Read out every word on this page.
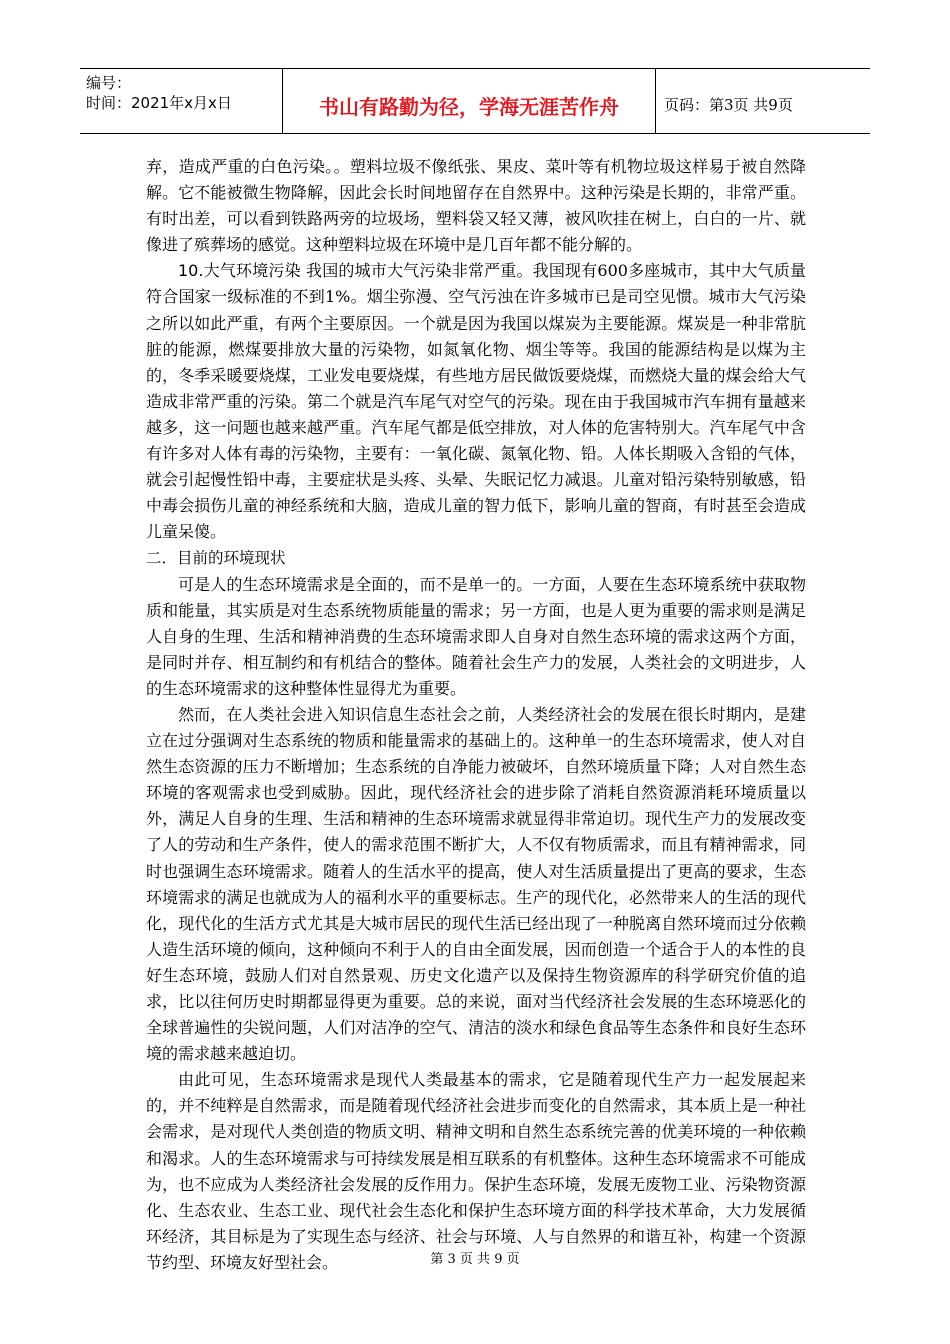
编号：
时间：2021年x月x日	书山有路勤为径，学海无涯苦作舟	页码：第3页 共9页

弃，造成严重的白色污染。。塑料垃圾不像纸张、果皮、菜叶等有机物垃圾这样易于被自然降解。它不能被微生物降解，因此会长时间地留存在自然界中。这种污染是长期的，非常严重。有时出差，可以看到铁路两旁的垃圾场，塑料袋又轻又薄，被风吹挂在树上，白白的一片、就像进了殡葬场的感觉。这种塑料垃圾在环境中是几百年都不能分解的。

10.大气环境污染 我国的城市大气污染非常严重。我国现有600多座城市，其中大气质量符合国家一级标准的不到1%。烟尘弥漫、空气污浊在许多城市已是司空见惯。城市大气污染之所以如此严重，有两个主要原因。一个就是因为我国以煤炭为主要能源。煤炭是一种非常肮脏的能源，燃煤要排放大量的污染物，如氮氧化物、烟尘等等。我国的能源结构是以煤为主的，冬季采暖要烧煤，工业发电要烧煤，有些地方居民做饭要烧煤，而燃烧大量的煤会给大气造成非常严重的污染。第二个就是汽车尾气对空气的污染。现在由于我国城市汽车拥有量越来越多，这一问题也越来越严重。汽车尾气都是低空排放，对人体的危害特别大。汽车尾气中含有许多对人体有毒的污染物，主要有：一氧化碳、氮氧化物、铅。人体长期吸入含铅的气体，就会引起慢性铅中毒，主要症状是头疼、头晕、失眠记忆力减退。儿童对铅污染特别敏感，铅中毒会损伤儿童的神经系统和大脑，造成儿童的智力低下，影响儿童的智商，有时甚至会造成儿童呆傻。

二．目前的环境现状

可是人的生态环境需求是全面的，而不是单一的。一方面，人要在生态环境系统中获取物质和能量，其实质是对生态系统物质能量的需求；另一方面，也是人更为重要的需求则是满足人自身的生理、生活和精神消费的生态环境需求即人自身对自然生态环境的需求这两个方面，是同时并存、相互制约和有机结合的整体。随着社会生产力的发展，人类社会的文明进步，人的生态环境需求的这种整体性显得尤为重要。

然而，在人类社会进入知识信息生态社会之前，人类经济社会的发展在很长时期内，是建立在过分强调对生态系统的物质和能量需求的基础上的。这种单一的生态环境需求，使人对自然生态资源的压力不断增加；生态系统的自净能力被破坏，自然环境质量下降；人对自然生态环境的客观需求也受到威胁。因此，现代经济社会的进步除了消耗自然资源消耗环境质量以外，满足人自身的生理、生活和精神的生态环境需求就显得非常迫切。现代生产力的发展改变了人的劳动和生产条件，使人的需求范围不断扩大，人不仅有物质需求，而且有精神需求，同时也强调生态环境需求。随着人的生活水平的提高，使人对生活质量提出了更高的要求，生态环境需求的满足也就成为人的福利水平的重要标志。生产的现代化，必然带来人的生活的现代化，现代化的生活方式尤其是大城市居民的现代生活已经出现了一种脱离自然环境而过分依赖人造生活环境的倾向，这种倾向不利于人的自由全面发展，因而创造一个适合于人的本性的良好生态环境，鼓励人们对自然景观、历史文化遗产以及保持生物资源库的科学研究价值的追求，比以往何历史时期都显得更为重要。总的来说，面对当代经济社会发展的生态环境恶化的全球普遍性的尖锐问题，人们对洁净的空气、清洁的淡水和绿色食品等生态条件和良好生态环境的需求越来越迫切。

由此可见，生态环境需求是现代人类最基本的需求，它是随着现代生产力一起发展起来的，并不纯粹是自然需求，而是随着现代经济社会进步而变化的自然需求，其本质上是一种社会需求，是对现代人类创造的物质文明、精神文明和自然生态系统完善的优美环境的一种依赖和渴求。人的生态环境需求与可持续发展是相互联系的有机整体。这种生态环境需求不可能成为，也不应成为人类经济社会发展的反作用力。保护生态环境，发展无废物工业、污染物资源化、生态农业、生态工业、现代社会生态化和保护生态环境方面的科学技术革命，大力发展循环经济，其目标是为了实现生态与经济、社会与环境、人与自然界的和谐互补，构建一个资源节约型、环境友好型社会。	第 3 页 共 9 页
